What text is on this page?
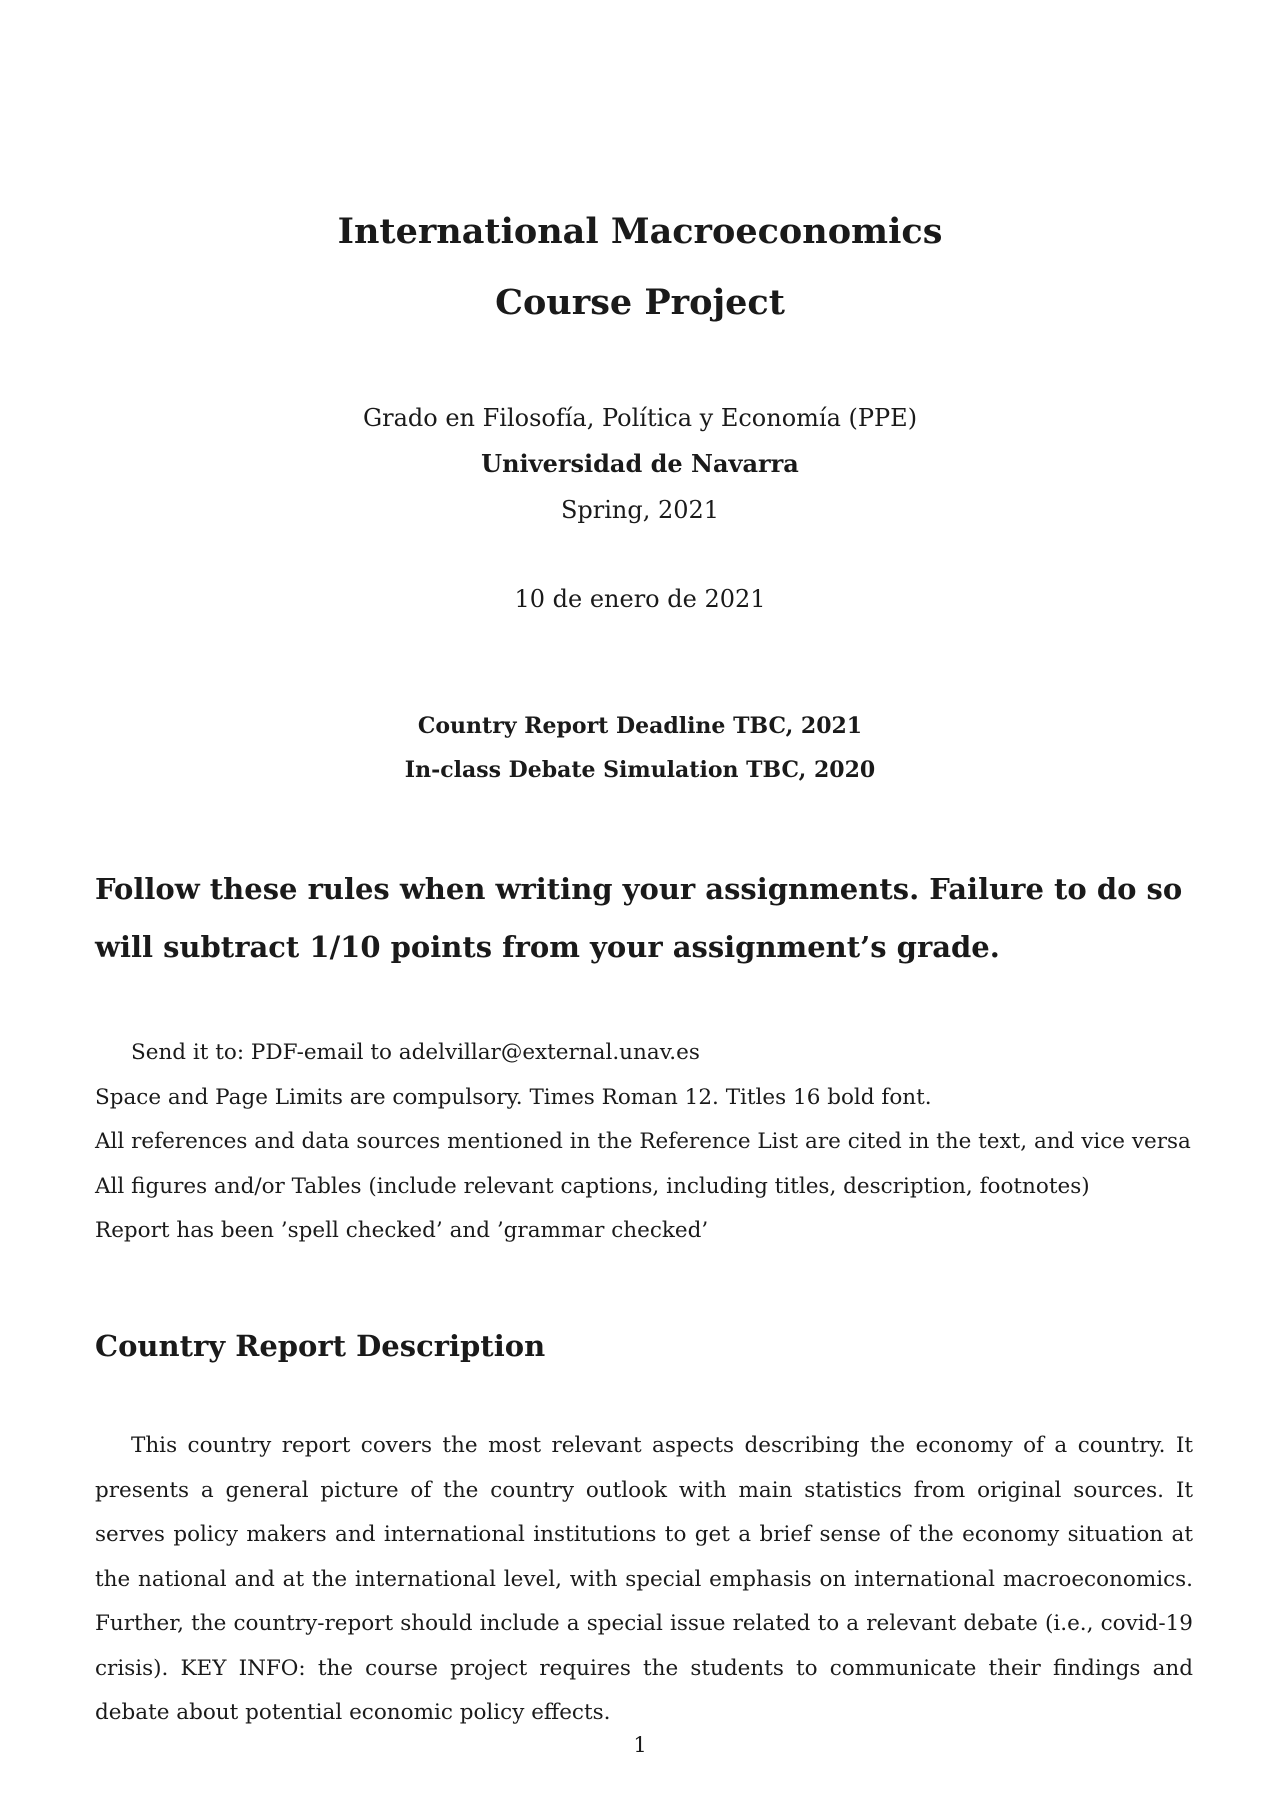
International Macroeconomics
Course Project

Grado en Filosofía, Política y Economía (PPE)

Universidad de Navarra

Spring, 2021

10 de enero de 2021

Country Report Deadline TBC, 2021

In-class Debate Simulation TBC, 2020

Follow these rules when writing your assignments. Failure to do so will subtract 1/10 points from your assignment’s grade.
Send it to: PDF-email to adelvillar@external.unav.es
Space and Page Limits are compulsory. Times Roman 12. Titles 16 bold font.
All references and data sources mentioned in the Reference List are cited in the text, and vice versa
All figures and/or Tables (include relevant captions, including titles, description, footnotes)
Report has been ’spell checked’ and ’grammar checked’
Country Report Description

This country report covers the most relevant aspects describing the economy of a country. It presents a general picture of the country outlook with main statistics from original sources. It serves policy makers and international institutions to get a brief sense of the economy situation at the national and at the international level, with special emphasis on international macroeconomics. Further, the country-report should include a special issue related to a relevant debate (i.e., covid-19 crisis). KEY INFO: the course project requires the students to communicate their findings and debate about potential economic policy effects.

1
